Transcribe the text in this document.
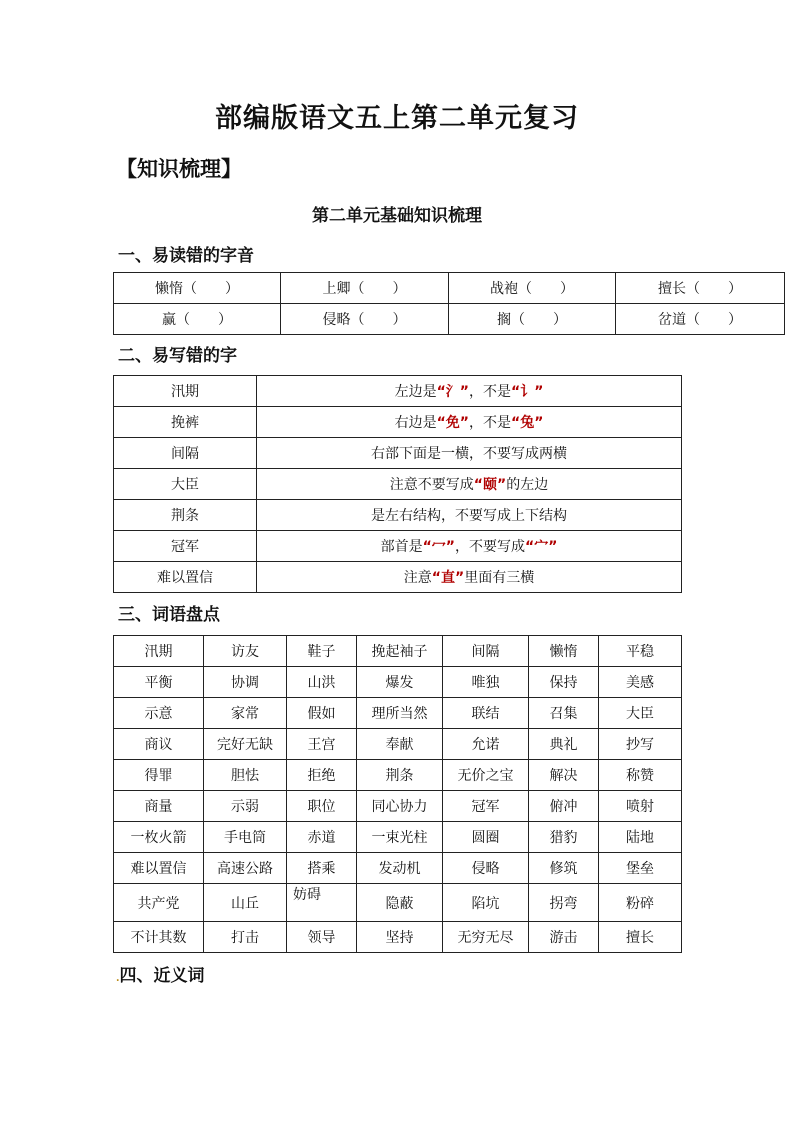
部编版语文五上第二单元复习
【知识梳理】
第二单元基础知识梳理
一、易读错的字音
懒惰（　　）	上卿（　　）	战袍（　　）	擅长（　　）
赢（　　）	侵略（　　）	搁（　　）	岔道（　　）
二、易写错的字
汛期	左边是“氵”，不是“讠”
挽裤	右边是“免”，不是“兔”
间隔	右部下面是一横，不要写成两横
大臣	注意不要写成“颐”的左边
荆条	是左右结构，不要写成上下结构
冠军	部首是“冖”，不要写成“宀”
难以置信	注意“直”里面有三横
三、词语盘点
汛期	访友	鞋子	挽起袖子	间隔	懒惰	平稳
平衡	协调	山洪	爆发	唯独	保持	美感
示意	家常	假如	理所当然	联结	召集	大臣
商议	完好无缺	王宫	奉献	允诺	典礼	抄写
得罪	胆怯	拒绝	荆条	无价之宝	解决	称赞
商量	示弱	职位	同心协力	冠军	俯冲	喷射
一枚火箭	手电筒	赤道	一束光柱	圆圈	猎豹	陆地
难以置信	高速公路	搭乘	发动机	侵略	修筑	堡垒
共产党	山丘	妨碍	隐蔽	陷坑	拐弯	粉碎
不计其数	打击	领导	坚持	无穷无尽	游击	擅长
.四、近义词
